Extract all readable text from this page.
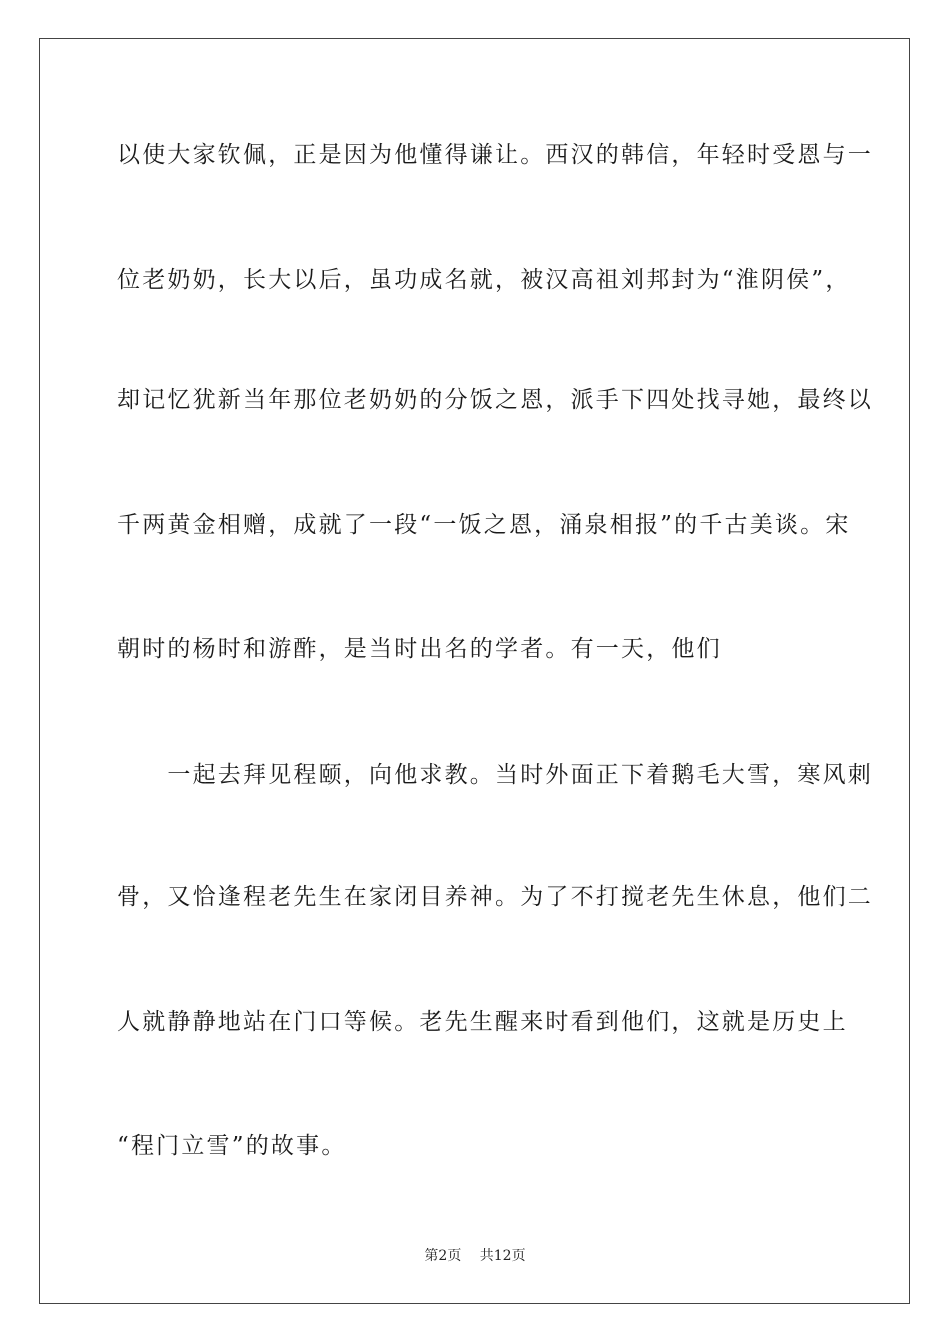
以使大家钦佩，正是因为他懂得谦让。西汉的韩信，年轻时受恩与一
位老奶奶，长大以后，虽功成名就，被汉高祖刘邦封为“淮阴侯”，
却记忆犹新当年那位老奶奶的分饭之恩，派手下四处找寻她，最终以
千两黄金相赠，成就了一段“一饭之恩，涌泉相报”的千古美谈。宋
朝时的杨时和游酢，是当时出名的学者。有一天，他们
　　一起去拜见程颐，向他求教。当时外面正下着鹅毛大雪，寒风刺
骨，又恰逢程老先生在家闭目养神。为了不打搅老先生休息，他们二
人就静静地站在门口等候。老先生醒来时看到他们，这就是历史上
“程门立雪”的故事。
第2页　 共12页
